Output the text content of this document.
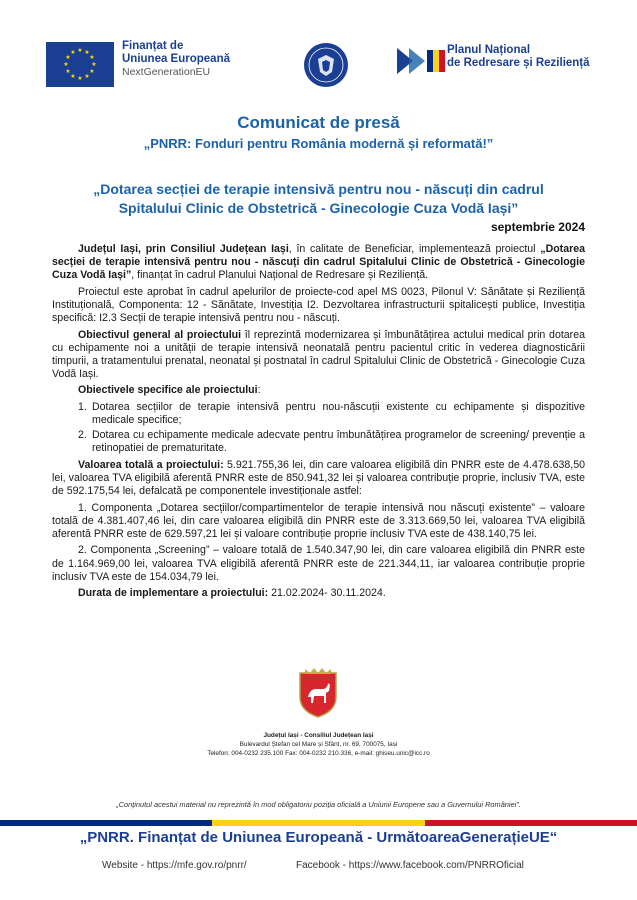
★ ★
★
★
★
★
★
★
★
★
★
★
Finanțat de
Uniunea Europeană
NextGenerationEU
Planul Național
de Redresare și Reziliență
Comunicat de presă
„PNRR: Fonduri pentru România modernă și reformată!”
„Dotarea secției de terapie intensivă pentru nou - născuți din cadrul Spitalului Clinic de Obstetrică - Ginecologie Cuza Vodă Iași”
septembrie 2024

Județul Iași, prin Consiliul Județean Iași, în calitate de Beneficiar, implementează proiectul „Dotarea secției de terapie intensivă pentru nou - născuți din cadrul Spitalului Clinic de Obstetrică - Ginecologie Cuza Vodă Iași”, finanțat în cadrul Planului Național de Redresare și Reziliență.

Proiectul este aprobat în cadrul apelurilor de proiecte-cod apel MS 0023, Pilonul V: Sănătate și Reziliență Instituțională, Componenta: 12 - Sănătate, Investiția I2. Dezvoltarea infrastructurii spitalicești publice, Investiția specifică: I2.3 Secții de terapie intensivă pentru nou - născuți.

Obiectivul general al proiectului îl reprezintă modernizarea și îmbunătățirea actului medical prin dotarea cu echipamente noi a unității de terapie intensivă neonatală pentru pacientul critic în vederea diagnosticării timpurii, a tratamentului prenatal, neonatal și postnatal în cadrul Spitalului Clinic de Obstetrică - Ginecologie Cuza Vodă Iași.

Obiectivele specifice ale proiectului:

1. Dotarea secțiilor de terapie intensivă pentru nou-născuții existente cu echipamente și dispozitive medicale specifice;
2. Dotarea cu echipamente medicale adecvate pentru îmbunătățirea programelor de screening/ prevenție a retinopatiei de prematuritate.

Valoarea totală a proiectului: 5.921.755,36 lei, din care valoarea eligibilă din PNRR este de 4.478.638,50 lei, valoarea TVA eligibilă aferentă PNRR este de 850.941,32 lei și valoarea contribuție proprie, inclusiv TVA, este de 592.175,54 lei, defalcată pe componentele investiționale astfel:

1. Componenta „Dotarea secțiilor/compartimentelor de terapie intensivă nou născuți existente” – valoare totală de 4.381.407,46 lei, din care valoarea eligibilă din PNRR este de 3.313.669,50 lei, valoarea TVA eligibilă aferentă PNRR este de 629.597,21 lei și valoare contribuție proprie inclusiv TVA este de 438.140,75 lei.

2. Componenta „Screening” – valoare totală de 1.540.347,90 lei, din care valoarea eligibilă din PNRR este de 1.164.969,00 lei, valoarea TVA eligibilă aferentă PNRR este de 221.344,11, iar valoarea contribuție proprie inclusiv TVA este de 154.034,79 lei.

Durata de implementare a proiectului: 21.02.2024- 30.11.2024.

Județul Iași - Consiliul Județean Iași
Bulevardul Ștefan cel Mare și Sfânt, nr. 69, 700075, Iași
Telefon: 004-0232 235.100 Fax: 004-0232 210.336, e-mail: ghiseu.unic@icc.ro
„Conținutul acestui material nu reprezintă în mod obligatoriu poziția oficială a Uniunii Europene sau a Guvernului României”.
„PNRR. Finanțat de Uniunea Europeană - UrmătoareaGenerațieUE“
Website - https://mfe.gov.ro/pnrr/	Facebook - https://www.facebook.com/PNRROficial
